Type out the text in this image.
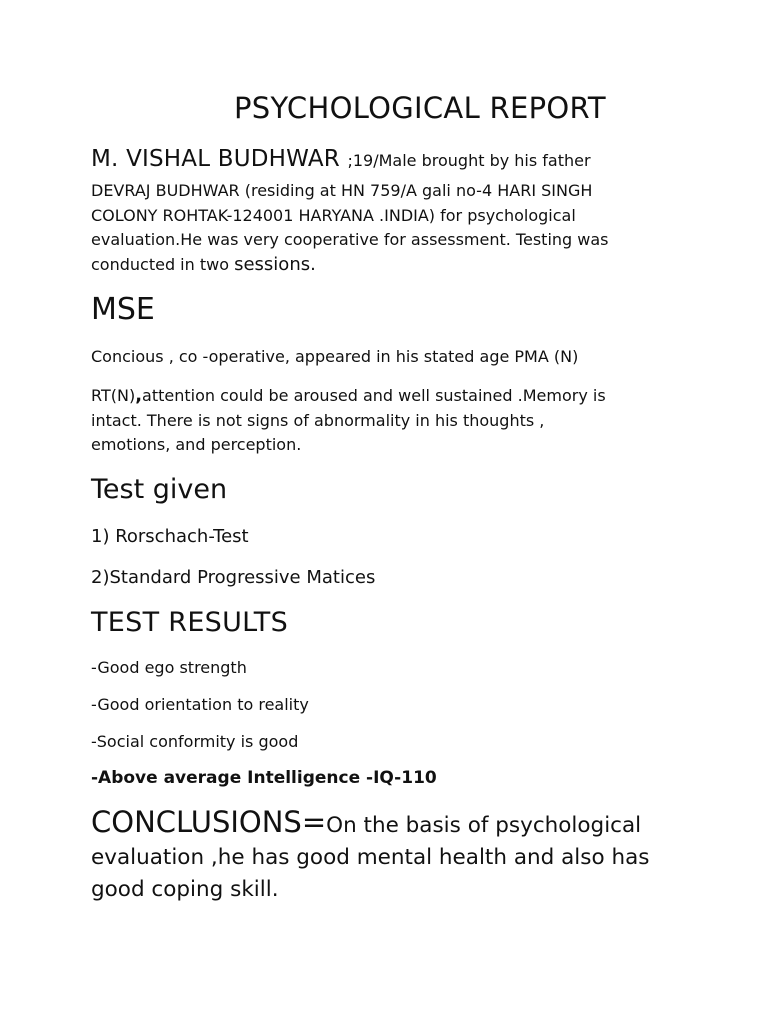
PSYCHOLOGICAL REPORT
M. VISHAL BUDHWAR ;19/Male brought by his father
DEVRAJ BUDHWAR (residing at HN 759/A gali no-4 HARI SINGH
COLONY ROHTAK-124001 HARYANA .INDIA) for psychological
evaluation.He was very cooperative for assessment. Testing was
conducted in two sessions.
MSE
Concious , co -operative, appeared in his stated age PMA (N)
RT(N),attention could be aroused and well sustained .Memory is
intact. There is not signs of abnormality in his thoughts ,
emotions, and perception.
Test given
1) Rorschach-Test
2)Standard Progressive Matices
TEST RESULTS
-Good ego strength
-Good orientation to reality
-Social conformity is good
-Above average Intelligence -IQ-110
CONCLUSIONS=On the basis of psychological
evaluation ,he has good mental health and also has
good coping skill.
